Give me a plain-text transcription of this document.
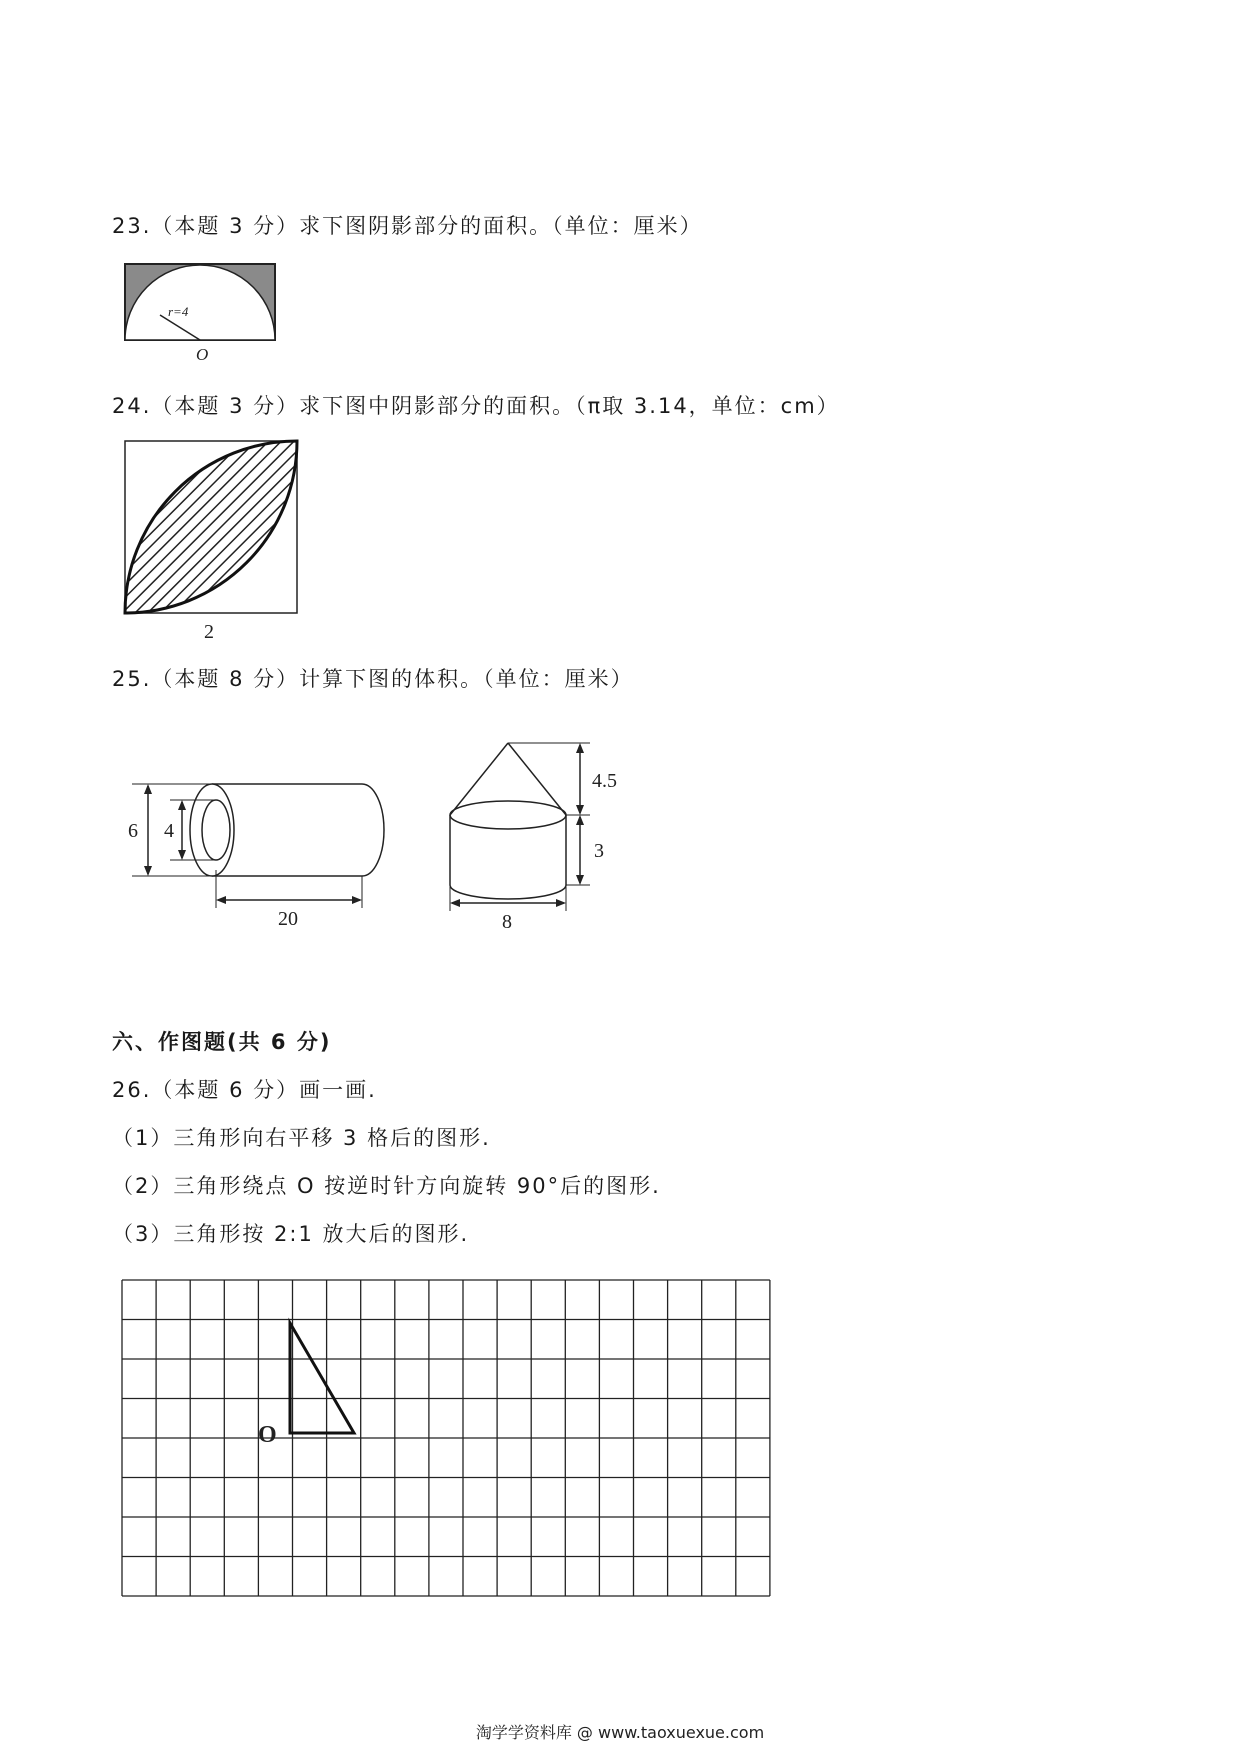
23.（本题 3 分）求下图阴影部分的面积。（单位：厘米）
r=4
O
24.（本题 3 分）求下图中阴影部分的面积。（π取 3.14，单位：cm）
2
25.（本题 8 分）计算下图的体积。（单位：厘米）
6 4
20
4.5
3
8
六、作图题(共 6 分)
26.（本题 6 分）画一画.
（1）三角形向右平移 3 格后的图形.
（2）三角形绕点 O 按逆时针方向旋转 90°后的图形.
（3）三角形按 2:1 放大后的图形.
O
淘学学资料库 @ www.taoxuexue.com
